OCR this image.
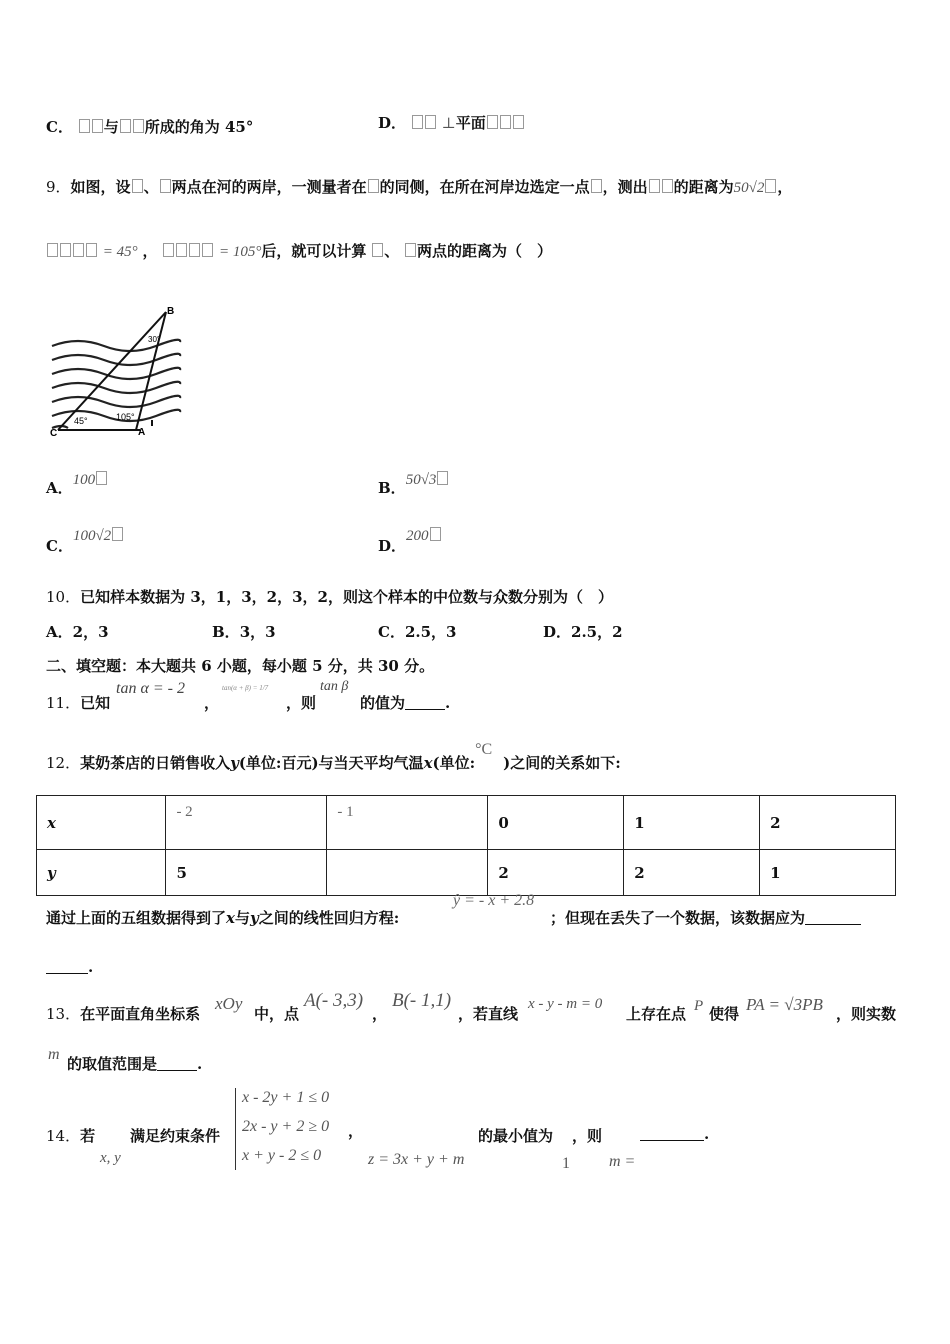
C． 与 所成的角为 45°	D． ⊥平面
9．如图，设 、 两点在河的两岸，一测量者在 的同侧，在所在河岸边选定一点 ，测出 的距离为50√2 ，
= 45° ，	= 105°后，就可以计算 、 两点的距离为（　）
B
C	A
45°	105°
30°
A．100	B．50√3
C．100√2
D．200
10．已知样本数据为 3，1，3，2，3，2，则这个样本的中位数与众数分别为（　）
A．2，3	B．3，3	C．2.5，3	D．2.5，2
二、填空题：本大题共 6 小题，每小题 5 分，共 30 分。
11．已知
tan α = - 2
，
tan(α + β) = 1/7
，则
tan β
的值为	.
12．某奶茶店的日销售收入y(单位:百元)与当天平均气温x(单位:°C)之间的关系如下:
x	- 2	- 1	0	1	2
y	5		2	2	1
通过上面的五组数据得到了x与y之间的线性回归方程:
ŷ = - x + 2.8
；但现在丢失了一个数据，该数据应为
.
13．在平面直角坐标系
xOy
中，点
A(- 3,3)
，
B(- 1,1)
，若直线
x - y - m = 0
上存在点 P 使得 PA = √3PB ，则实数
m
的取值范围是	.
14．若
x, y
满足约束条件
x - 2y + 1 ≤ 0
2x - y + 2 ≥ 0
x + y - 2 ≤ 0
，
z = 3x + y + m
的最小值为
1
，则
m =
.
